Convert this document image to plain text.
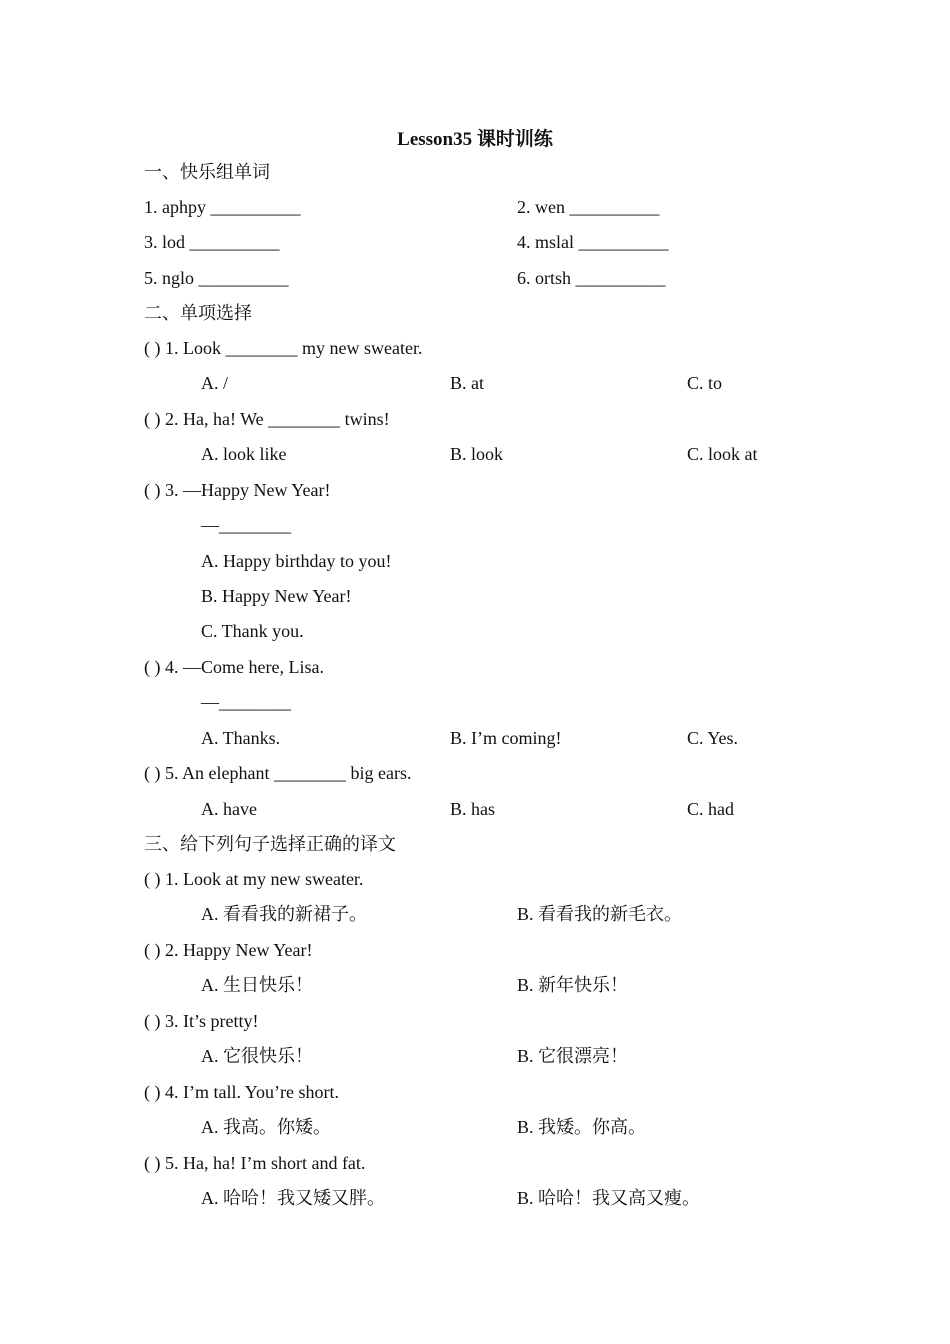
Lesson35 课时训练
一、快乐组单词
1. aphpy __________	2. wen __________
3. lod __________	4. mslal __________
5. nglo __________	6. ortsh __________
二、单项选择
( ) 1. Look ________ my new sweater.
A. /	B. at	C. to
( ) 2. Ha, ha! We ________ twins!
A. look like	B. look	C. look at
( ) 3. —Happy New Year!
—________
A. Happy birthday to you!
B. Happy New Year!
C. Thank you.
( ) 4. —Come here, Lisa.
—________
A. Thanks.	B. I’m coming!	C. Yes.
( ) 5. An elephant ________ big ears.
A. have	B. has	C. had
三、给下列句子选择正确的译文
( ) 1. Look at my new sweater.
A. 看看我的新裙子。	B. 看看我的新毛衣。
( ) 2. Happy New Year!
A. 生日快乐！	B. 新年快乐！
( ) 3. It’s pretty!
A. 它很快乐！	B. 它很漂亮！
( ) 4. I’m tall. You’re short.
A. 我高。你矮。	B. 我矮。你高。
( ) 5. Ha, ha! I’m short and fat.
A. 哈哈！我又矮又胖。	B. 哈哈！我又高又瘦。
